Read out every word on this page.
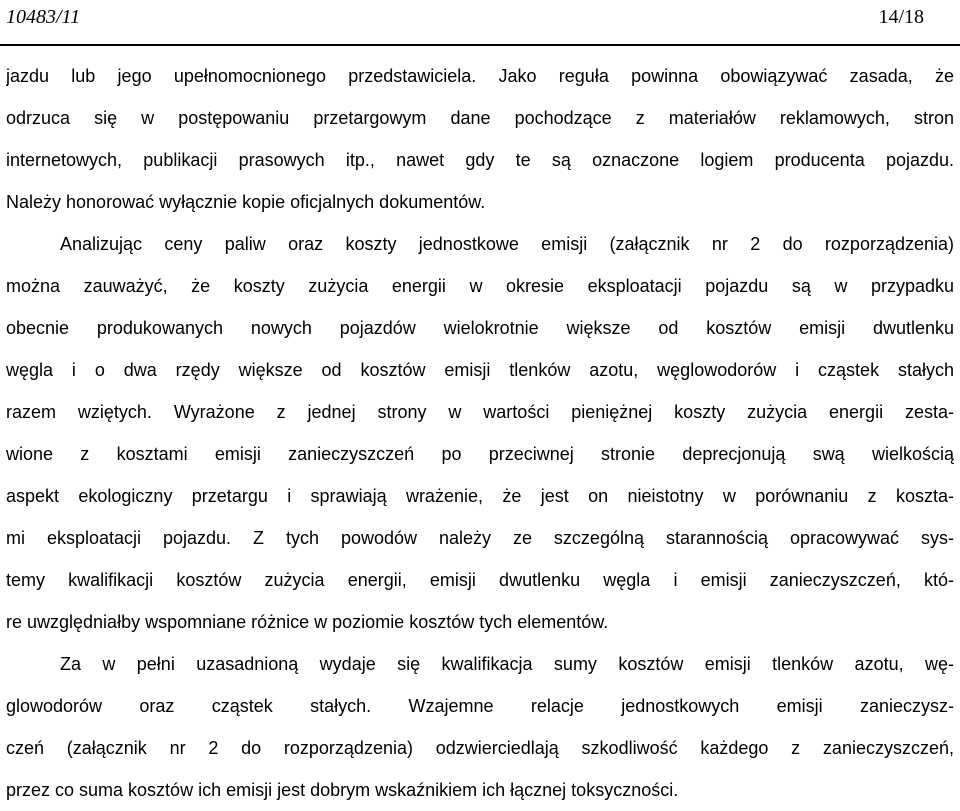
10483/11	14/18
jazdu lub jego upełnomocnionego przedstawiciela. Jako reguła powinna obowiązywać zasada, że
odrzuca się w postępowaniu przetargowym dane pochodzące z materiałów reklamowych, stron
internetowych, publikacji prasowych itp., nawet gdy te są oznaczone logiem producenta pojazdu.
Należy honorować wyłącznie kopie oficjalnych dokumentów.
Analizując ceny paliw oraz koszty jednostkowe emisji (załącznik nr 2 do rozporządzenia)
można zauważyć, że koszty zużycia energii w okresie eksploatacji pojazdu są w przypadku
obecnie produkowanych nowych pojazdów wielokrotnie większe od kosztów emisji dwutlenku
węgla i o dwa rzędy większe od kosztów emisji tlenków azotu, węglowodorów i cząstek stałych
razem wziętych. Wyrażone z jednej strony w wartości pieniężnej koszty zużycia energii zesta-
wione z kosztami emisji zanieczyszczeń po przeciwnej stronie deprecjonują swą wielkością
aspekt ekologiczny przetargu i sprawiają wrażenie, że jest on nieistotny w porównaniu z koszta-
mi eksploatacji pojazdu. Z tych powodów należy ze szczególną starannością opracowywać sys-
temy kwalifikacji kosztów zużycia energii, emisji dwutlenku węgla i emisji zanieczyszczeń, któ-
re uwzględniałby wspomniane różnice w poziomie kosztów tych elementów.
Za w pełni uzasadnioną wydaje się kwalifikacja sumy kosztów emisji tlenków azotu, wę-
glowodorów oraz cząstek stałych. Wzajemne relacje jednostkowych emisji zanieczysz-
czeń (załącznik nr 2 do rozporządzenia) odzwierciedlają szkodliwość każdego z zanieczyszczeń,
przez co suma kosztów ich emisji jest dobrym wskaźnikiem ich łącznej toksyczności.
